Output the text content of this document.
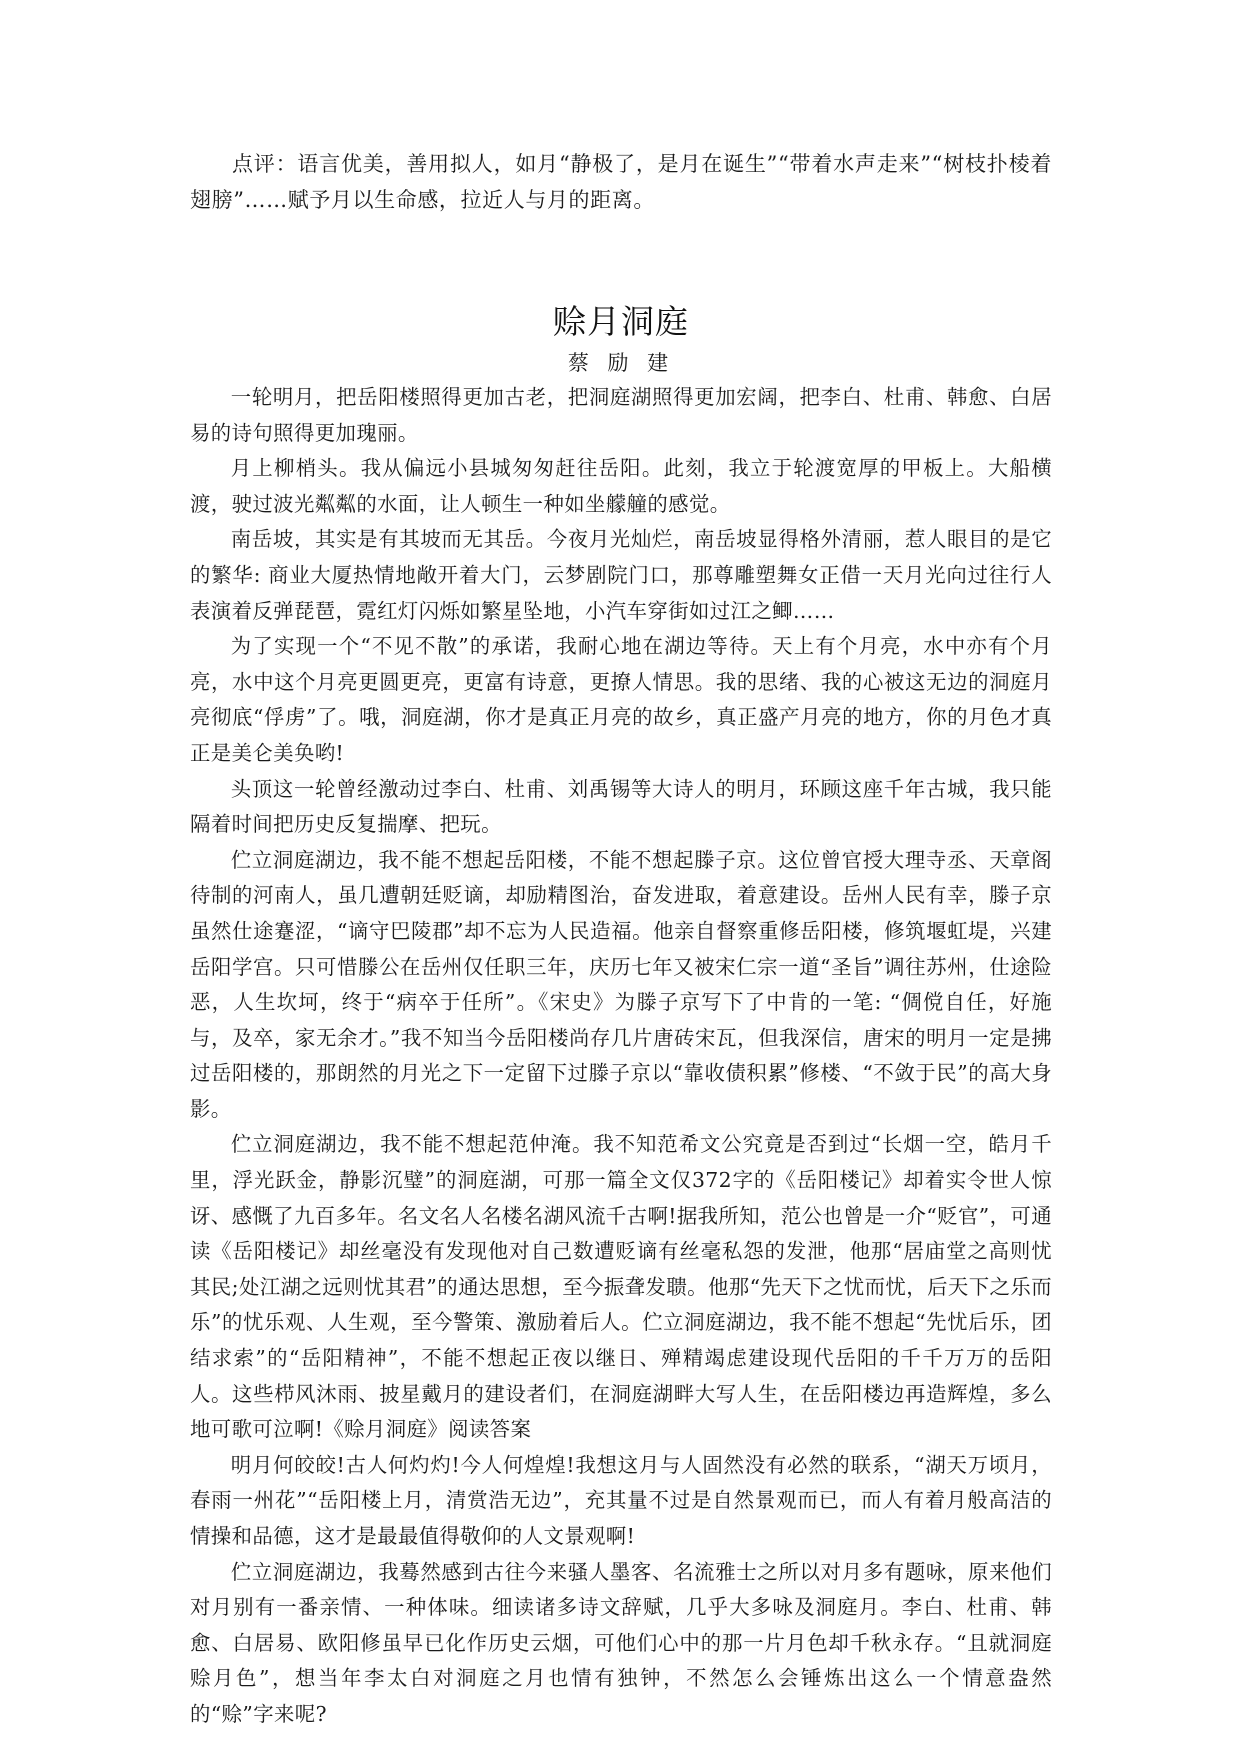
点评：语言优美，善用拟人，如月“静极了，是月在诞生”“带着水声走来”“树枝扑棱着翅膀”……赋予月以生命感，拉近人与月的距离。

赊月洞庭
蔡 励 建

一轮明月，把岳阳楼照得更加古老，把洞庭湖照得更加宏阔，把李白、杜甫、韩愈、白居易的诗句照得更加瑰丽。

月上柳梢头。我从偏远小县城匆匆赶往岳阳。此刻，我立于轮渡宽厚的甲板上。大船横渡，驶过波光粼粼的水面，让人顿生一种如坐艨艟的感觉。

南岳坡，其实是有其坡而无其岳。今夜月光灿烂，南岳坡显得格外清丽，惹人眼目的是它的繁华: 商业大厦热情地敞开着大门，云梦剧院门口，那尊雕塑舞女正借一天月光向过往行人表演着反弹琵琶，霓红灯闪烁如繁星坠地，小汽车穿街如过江之鲫……

为了实现一个“不见不散”的承诺，我耐心地在湖边等待。天上有个月亮，水中亦有个月亮，水中这个月亮更圆更亮，更富有诗意，更撩人情思。我的思绪、我的心被这无边的洞庭月亮彻底“俘虏”了。哦，洞庭湖，你才是真正月亮的故乡，真正盛产月亮的地方，你的月色才真正是美仑美奂哟!

头顶这一轮曾经激动过李白、杜甫、刘禹锡等大诗人的明月，环顾这座千年古城，我只能隔着时间把历史反复揣摩、把玩。

伫立洞庭湖边，我不能不想起岳阳楼，不能不想起滕子京。这位曾官授大理寺丞、天章阁待制的河南人，虽几遭朝廷贬谪，却励精图治，奋发进取，着意建设。岳州人民有幸，滕子京虽然仕途蹇涩，“谪守巴陵郡”却不忘为人民造福。他亲自督察重修岳阳楼，修筑堰虹堤，兴建岳阳学宫。只可惜滕公在岳州仅任职三年，庆历七年又被宋仁宗一道“圣旨”调往苏州，仕途险恶，人生坎坷，终于“病卒于任所”。《宋史》为滕子京写下了中肯的一笔: “倜傥自任，好施与，及卒，家无余才。”我不知当今岳阳楼尚存几片唐砖宋瓦，但我深信，唐宋的明月一定是拂过岳阳楼的，那朗然的月光之下一定留下过滕子京以“靠收债积累”修楼、“不敛于民”的高大身影。

伫立洞庭湖边，我不能不想起范仲淹。我不知范希文公究竟是否到过“长烟一空，皓月千里，浮光跃金，静影沉璧”的洞庭湖，可那一篇全文仅372字的《岳阳楼记》却着实令世人惊讶、感慨了九百多年。名文名人名楼名湖风流千古啊!据我所知，范公也曾是一介“贬官”，可通读《岳阳楼记》却丝毫没有发现他对自己数遭贬谪有丝毫私怨的发泄，他那“居庙堂之高则忧其民;处江湖之远则忧其君”的通达思想，至今振聋发聩。他那“先天下之忧而忧，后天下之乐而乐”的忧乐观、人生观，至今警策、激励着后人。伫立洞庭湖边，我不能不想起“先忧后乐，团结求索”的“岳阳精神”，不能不想起正夜以继日、殚精竭虑建设现代岳阳的千千万万的岳阳人。这些栉风沐雨、披星戴月的建设者们，在洞庭湖畔大写人生，在岳阳楼边再造辉煌，多么地可歌可泣啊!《赊月洞庭》阅读答案

明月何皎皎!古人何灼灼!今人何煌煌!我想这月与人固然没有必然的联系，“湖天万顷月，春雨一州花”“岳阳楼上月，清赏浩无边”，充其量不过是自然景观而已，而人有着月般高洁的情操和品德，这才是最最值得敬仰的人文景观啊!

伫立洞庭湖边，我蓦然感到古往今来骚人墨客、名流雅士之所以对月多有题咏，原来他们对月别有一番亲情、一种体味。细读诸多诗文辞赋，几乎大多咏及洞庭月。李白、杜甫、韩愈、白居易、欧阳修虽早已化作历史云烟，可他们心中的那一片月色却千秋永存。“且就洞庭赊月色”，想当年李太白对洞庭之月也情有独钟，不然怎么会锤炼出这么一个情意盎然的“赊”字来呢?
